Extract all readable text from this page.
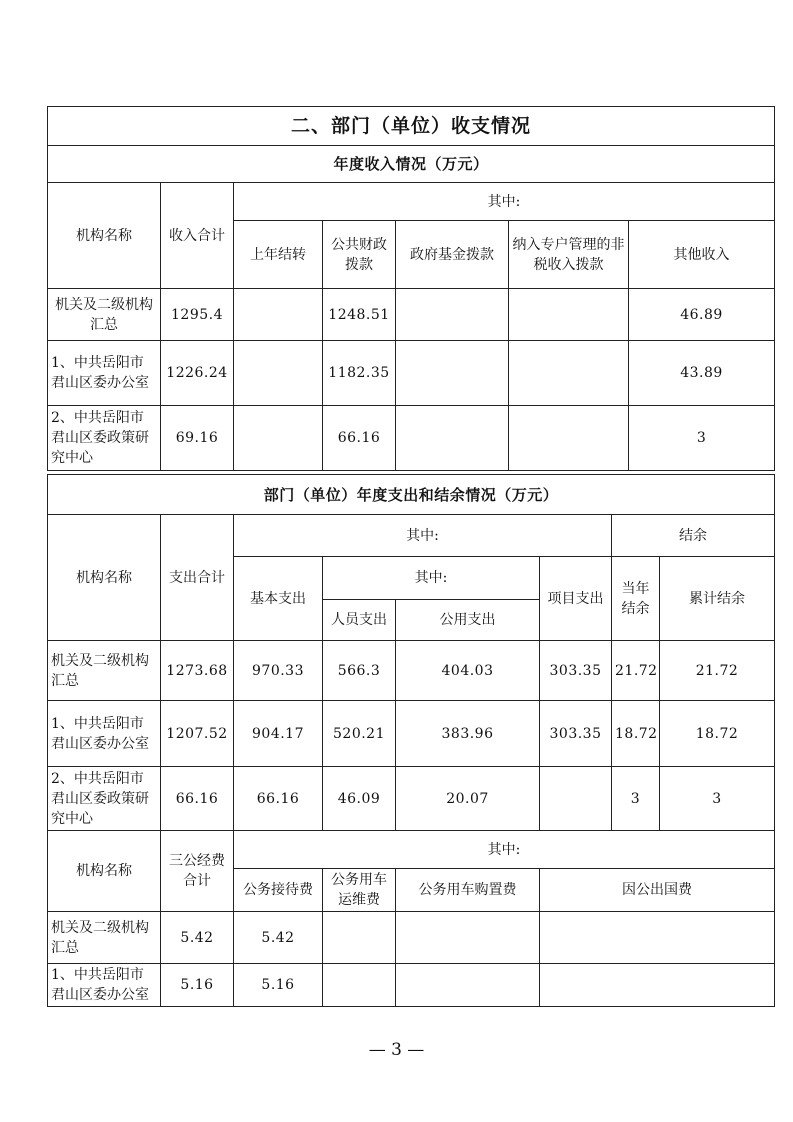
二、部门（单位）收支情况						
年度收入情况（万元）						
机构名称	收入合计	其中:				
		上年结转	公共财政拨款	政府基金拨款	纳入专户管理的非税收入拨款	其他收入
机关及二级机构汇总	1295.4		1248.51			46.89
1、中共岳阳市君山区委办公室	1226.24		1182.35			43.89
2、中共岳阳市君山区委政策研究中心	69.16		66.16			3
部门（单位）年度支出和结余情况（万元）							
机构名称	支出合计	其中:				结余	
		基本支出	其中:		项目支出	当年结余	累计结余
			人员支出	公用支出			
机关及二级机构汇总	1273.68	970.33	566.3	404.03	303.35	21.72	21.72
1、中共岳阳市君山区委办公室	1207.52	904.17	520.21	383.96	303.35	18.72	18.72
2、中共岳阳市君山区委政策研究中心	66.16	66.16	46.09	20.07		3	3
机构名称	三公经费合计	其中:			
		公务接待费	公务用车运维费	公务用车购置费	因公出国费
机关及二级机构汇总	5.42	5.42			
1、中共岳阳市君山区委办公室	5.16	5.16			
— 3 —
